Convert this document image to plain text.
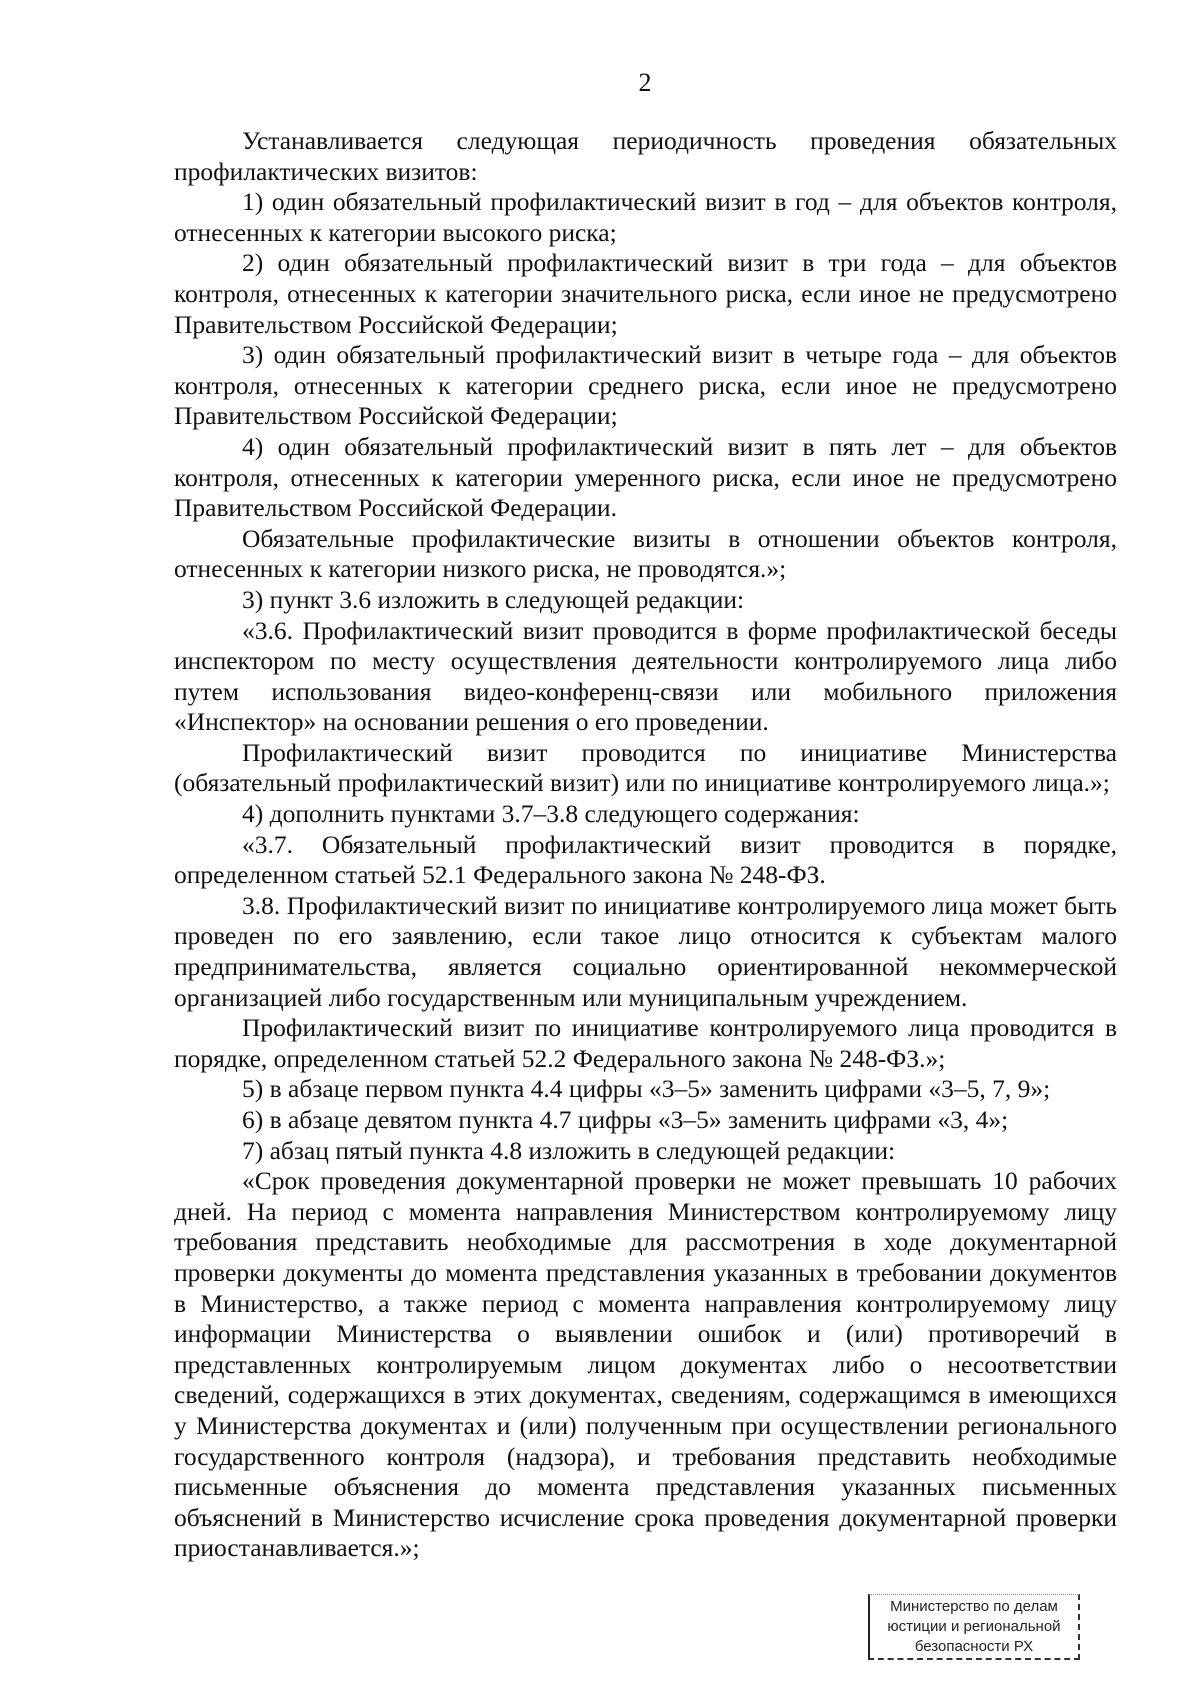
2

Устанавливается следующая периодичность проведения обязательных профилактических визитов:

1) один обязательный профилактический визит в год – для объектов контроля, отнесенных к категории высокого риска;

2) один обязательный профилактический визит в три года – для объектов контроля, отнесенных к категории значительного риска, если иное не предусмотрено Правительством Российской Федерации;

3) один обязательный профилактический визит в четыре года – для объектов контроля, отнесенных к категории среднего риска, если иное не предусмотрено Правительством Российской Федерации;

4) один обязательный профилактический визит в пять лет – для объектов контроля, отнесенных к категории умеренного риска, если иное не предусмотрено Правительством Российской Федерации.

Обязательные профилактические визиты в отношении объектов контроля, отнесенных к категории низкого риска, не проводятся.»;

3) пункт 3.6 изложить в следующей редакции:

«3.6. Профилактический визит проводится в форме профилактической беседы инспектором по месту осуществления деятельности контролируемого лица либо путем использования видео-конференц-связи или мобильного приложения «Инспектор» на основании решения о его проведении.

Профилактический визит проводится по инициативе Министерства (обязательный профилактический визит) или по инициативе контролируемого лица.»;

4) дополнить пунктами 3.7–3.8 следующего содержания:

«3.7. Обязательный профилактический визит проводится в порядке, определенном статьей 52.1 Федерального закона № 248-ФЗ.

3.8. Профилактический визит по инициативе контролируемого лица может быть проведен по его заявлению, если такое лицо относится к субъектам малого предпринимательства, является социально ориентированной некоммерческой организацией либо государственным или муниципальным учреждением.

Профилактический визит по инициативе контролируемого лица проводится в порядке, определенном статьей 52.2 Федерального закона № 248-ФЗ.»;

5) в абзаце первом пункта 4.4 цифры «3–5» заменить цифрами «3–5, 7, 9»;

6) в абзаце девятом пункта 4.7 цифры «3–5» заменить цифрами «3, 4»;

7) абзац пятый пункта 4.8 изложить в следующей редакции:

«Срок проведения документарной проверки не может превышать 10 рабочих дней. На период с момента направления Министерством контролируемому лицу требования представить необходимые для рассмотрения в ходе документарной проверки документы до момента представления указанных в требовании документов в Министерство, а также период с момента направления контролируемому лицу информации Министерства о выявлении ошибок и (или) противоречий в представленных контролируемым лицом документах либо о несоответствии сведений, содержащихся в этих документах, сведениям, содержащимся в имеющихся у Министерства документах и (или) полученным при осуществлении регионального государственного контроля (надзора), и требования представить необходимые письменные объяснения до момента представления указанных письменных объяснений в Министерство исчисление срока проведения документарной проверки приостанавливается.»;

Министерство по делам
юстиции и региональной
безопасности РХ
